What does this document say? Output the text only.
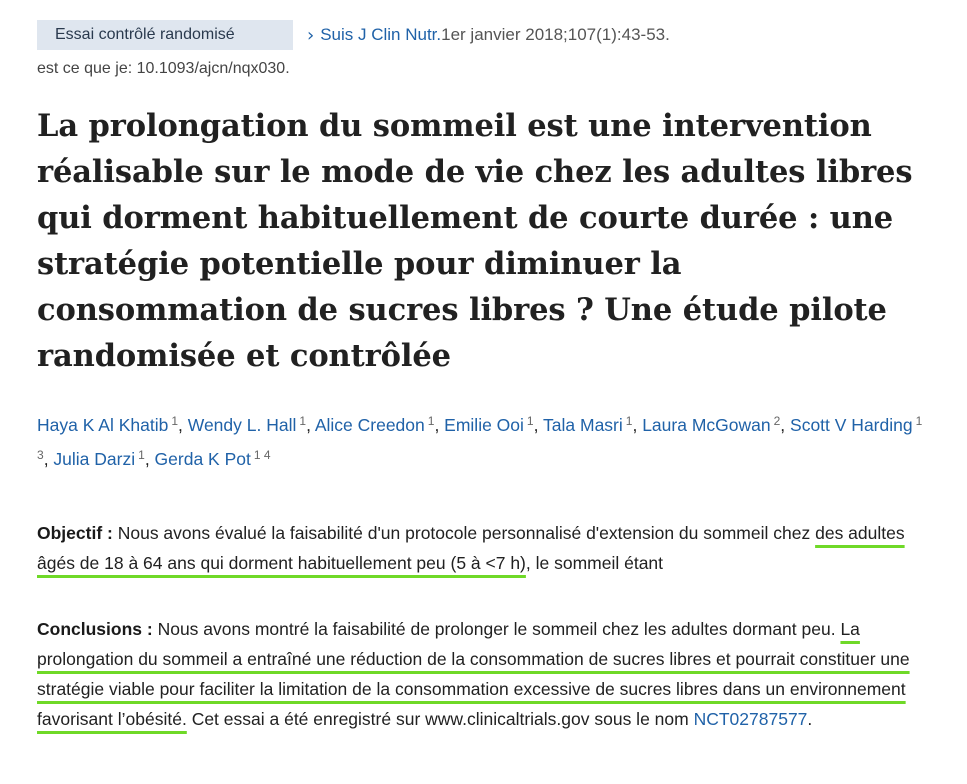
Essai contrôlé randomisé	› Suis J Clin Nutr. 1er janvier 2018;107(1):43-53.
est ce que je: 10.1093/ajcn/nqx030.
La prolongation du sommeil est une intervention réalisable sur le mode de vie chez les adultes libres qui dorment habituellement de courte durée : une stratégie potentielle pour diminuer la consommation de sucres libres ? Une étude pilote randomisée et contrôlée
Haya K Al Khatib $^1$, Wendy L. Hall $^1$, Alice Creedon $^1$, Emilie Ooi $^1$, Tala Masri $^1$, Laura McGowan $^2$, Scott V Harding $^{1 3}$, Julia Darzi $^1$, Gerda K Pot $^{1 4}$
Objectif : Nous avons évalué la faisabilité d'un protocole personnalisé d'extension du sommeil chez des adultes âgés de 18 à 64 ans qui dorment habituellement peu (5 à <7 h), le sommeil étant
Conclusions : Nous avons montré la faisabilité de prolonger le sommeil chez les adultes dormant peu. La prolongation du sommeil a entraîné une réduction de la consommation de sucres libres et pourrait constituer une stratégie viable pour faciliter la limitation de la consommation excessive de sucres libres dans un environnement favorisant l’obésité. Cet essai a été enregistré sur www.clinicaltrials.gov sous le nom NCT02787577.
